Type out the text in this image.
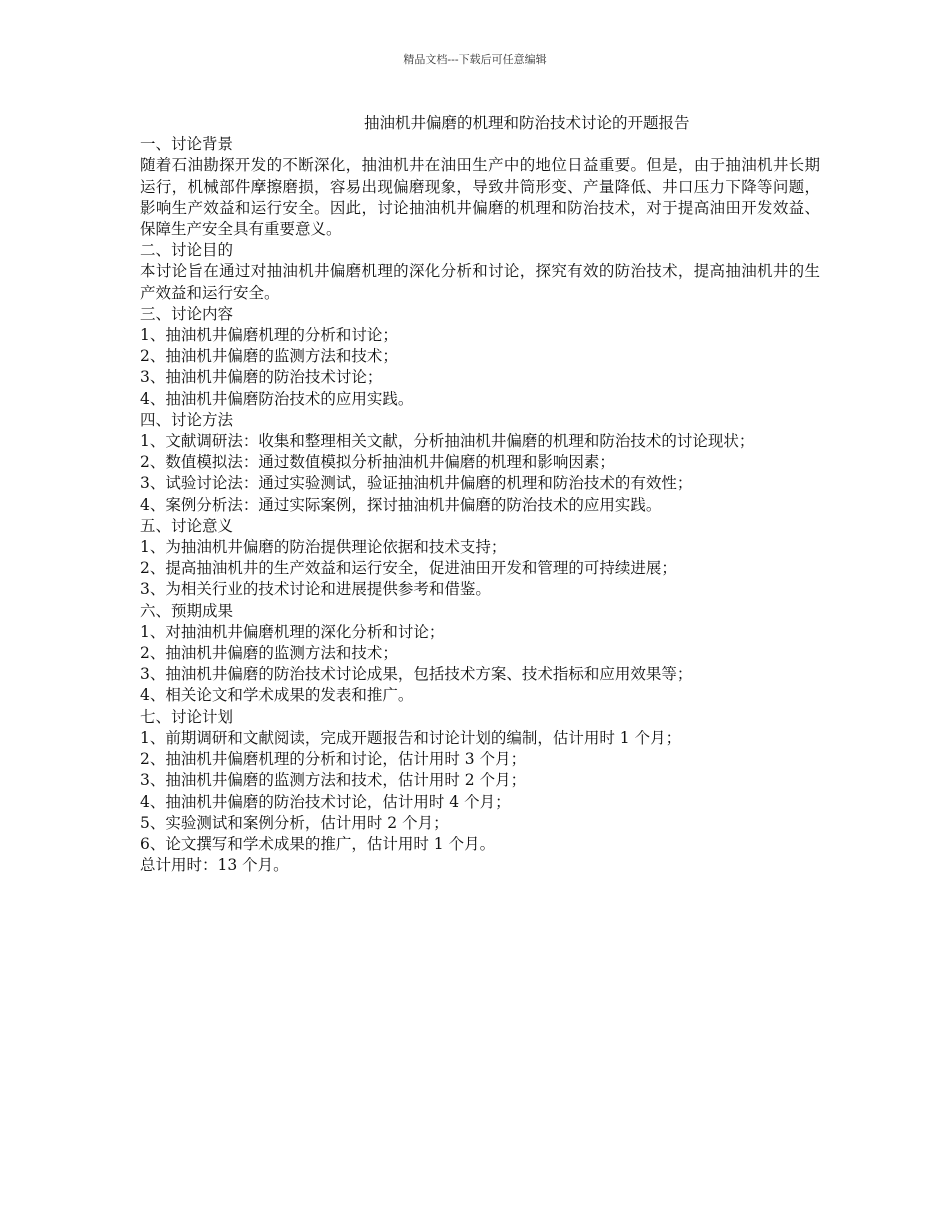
精品文档---下载后可任意编辑
抽油机井偏磨的机理和防治技术讨论的开题报告
一、讨论背景

随着石油勘探开发的不断深化，抽油机井在油田生产中的地位日益重要。但是，由于抽油机井长期运行，机械部件摩擦磨损，容易出现偏磨现象，导致井筒形变、产量降低、井口压力下降等问题，影响生产效益和运行安全。因此，讨论抽油机井偏磨的机理和防治技术，对于提高油田开发效益、保障生产安全具有重要意义。

二、讨论目的

本讨论旨在通过对抽油机井偏磨机理的深化分析和讨论，探究有效的防治技术，提高抽油机井的生产效益和运行安全。

三、讨论内容
1、抽油机井偏磨机理的分析和讨论；
2、抽油机井偏磨的监测方法和技术；
3、抽油机井偏磨的防治技术讨论；
4、抽油机井偏磨防治技术的应用实践。
四、讨论方法
1、文献调研法：收集和整理相关文献，分析抽油机井偏磨的机理和防治技术的讨论现状；
2、数值模拟法：通过数值模拟分析抽油机井偏磨的机理和影响因素；
3、试验讨论法：通过实验测试，验证抽油机井偏磨的机理和防治技术的有效性；
4、案例分析法：通过实际案例，探讨抽油机井偏磨的防治技术的应用实践。
五、讨论意义
1、为抽油机井偏磨的防治提供理论依据和技术支持；
2、提高抽油机井的生产效益和运行安全，促进油田开发和管理的可持续进展；
3、为相关行业的技术讨论和进展提供参考和借鉴。
六、预期成果
1、对抽油机井偏磨机理的深化分析和讨论；
2、抽油机井偏磨的监测方法和技术；
3、抽油机井偏磨的防治技术讨论成果，包括技术方案、技术指标和应用效果等；
4、相关论文和学术成果的发表和推广。
七、讨论计划
1、前期调研和文献阅读，完成开题报告和讨论计划的编制，估计用时 1 个月；
2、抽油机井偏磨机理的分析和讨论，估计用时 3 个月；
3、抽油机井偏磨的监测方法和技术，估计用时 2 个月；
4、抽油机井偏磨的防治技术讨论，估计用时 4 个月；
5、实验测试和案例分析，估计用时 2 个月；
6、论文撰写和学术成果的推广，估计用时 1 个月。

总计用时：13 个月。
